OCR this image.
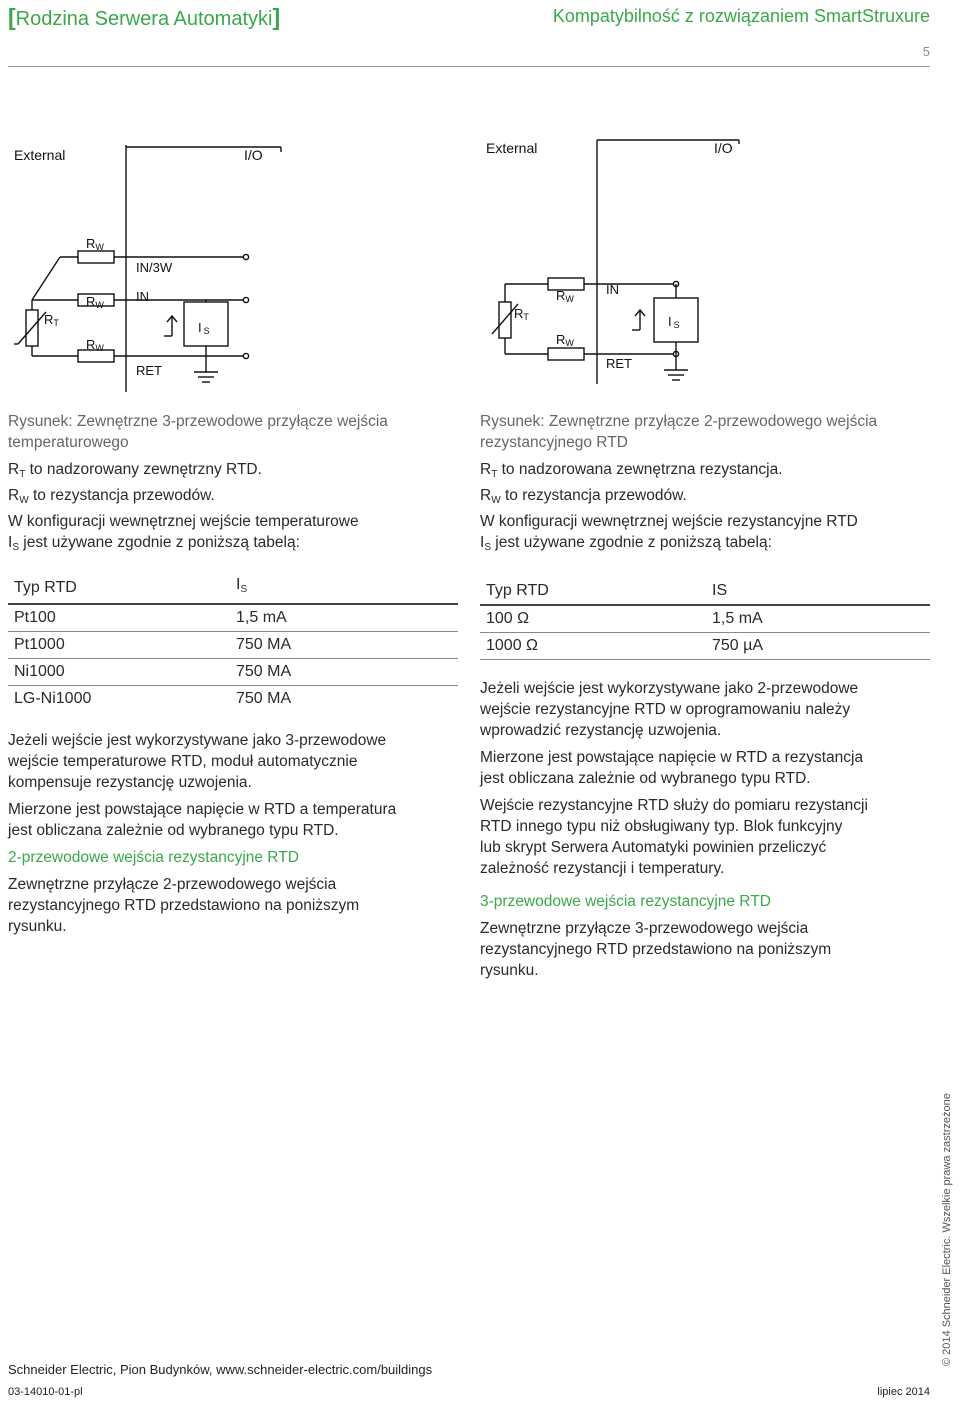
[Rodzina Serwera Automatyki]	Kompatybilność z rozwiązaniem SmartStruxure
5
External	I/O
RW
RW
RW
RT
IN/3W
IN
RET
I S
External	I/O
RW
RW
RT
IN
RET
I S

Rysunek: Zewnętrzne 3-przewodowe przyłącze wejścia
temperaturowego

$R_T$ to nadzorowany zewnętrzny RTD.

$R_W$ to rezystancja przewodów.

W konfiguracji wewnętrznej wejście temperaturowe
$I_S$ jest używane zgodnie z poniższą tabelą:

Typ RTD	$I_S$
Pt100	1,5 mA
Pt1000	750 MA
Ni1000	750 MA
LG-Ni1000	750 MA

Jeżeli wejście jest wykorzystywane jako 3-przewodowe
wejście temperaturowe RTD, moduł automatycznie
kompensuje rezystancję uzwojenia.

Mierzone jest powstające napięcie w RTD a temperatura
jest obliczana zależnie od wybranego typu RTD.

2-przewodowe wejścia rezystancyjne RTD

Zewnętrzne przyłącze 2-przewodowego wejścia
rezystancyjnego RTD przedstawiono na poniższym
rysunku.

Rysunek: Zewnętrzne przyłącze 2-przewodowego wejścia
rezystancyjnego RTD

$R_T$ to nadzorowana zewnętrzna rezystancja.

$R_W$ to rezystancja przewodów.

W konfiguracji wewnętrznej wejście rezystancyjne RTD
$I_S$ jest używane zgodnie z poniższą tabelą:

Typ RTD	IS
100 Ω	1,5 mA
1000 Ω	750 µA

Jeżeli wejście jest wykorzystywane jako 2-przewodowe
wejście rezystancyjne RTD w oprogramowaniu należy
wprowadzić rezystancję uzwojenia.

Mierzone jest powstające napięcie w RTD a rezystancja
jest obliczana zależnie od wybranego typu RTD.

Wejście rezystancyjne RTD służy do pomiaru rezystancji
RTD innego typu niż obsługiwany typ. Blok funkcyjny
lub skrypt Serwera Automatyki powinien przeliczyć
zależność rezystancji i temperatury.

3-przewodowe wejścia rezystancyjne RTD

Zewnętrzne przyłącze 3-przewodowego wejścia
rezystancyjnego RTD przedstawiono na poniższym
rysunku.

Schneider Electric, Pion Budynków, www.schneider-electric.com/buildings
03-14010-01-pl	lipiec 2014
© 2014 Schneider Electric. Wszelkie prawa zastrzeżone
